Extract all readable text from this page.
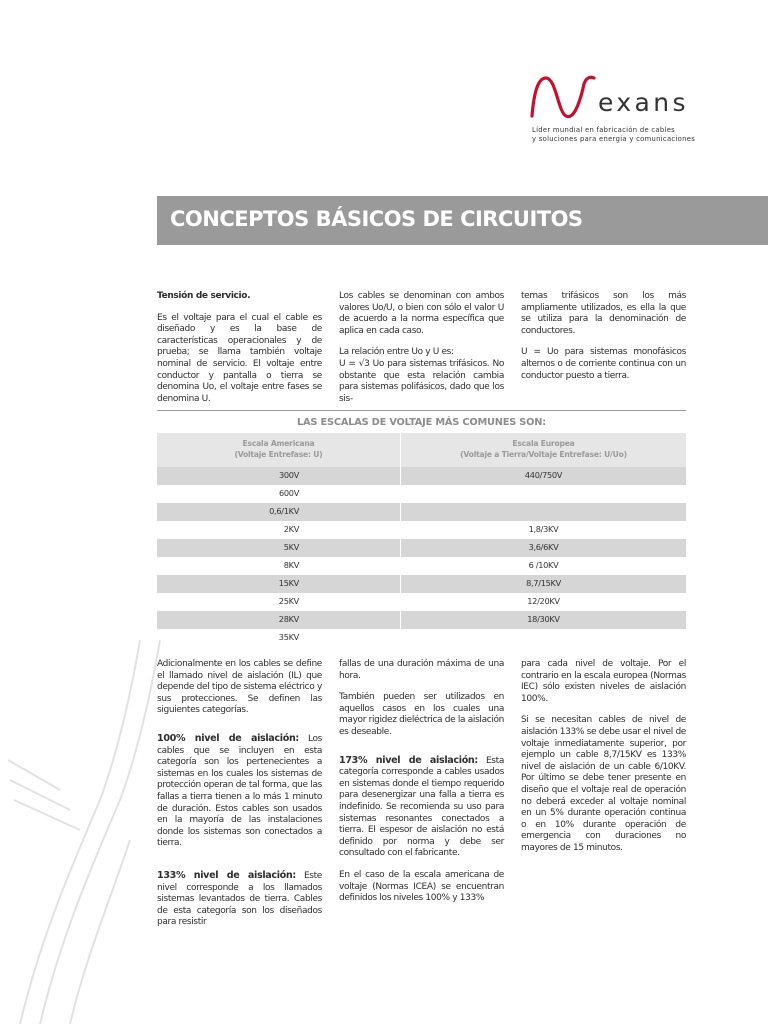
exans
Líder mundial en fabricación de cables
y soluciones para energía y comunicaciones
CONCEPTOS BÁSICOS DE CIRCUITOS

Tensión de servicio.

Es el voltaje para el cual el cable es diseñado y es la base de características operacionales y de prueba; se llama también voltaje nominal de servicio. El voltaje entre conductor y pantalla o tierra se denomina Uo, el voltaje entre fases se denomina U.

Los cables se denominan con ambos valores Uo/U, o bien con sólo el valor U de acuerdo a la norma específica que aplica en cada caso.

La relación entre Uo y U es:

U = √3 Uo para sistemas trifásicos. No obstante que esta relación cambia para sistemas polifásicos, dado que los sis-

temas trifásicos son los más ampliamente utilizados, es ella la que se utiliza para la denominación de conductores.

U = Uo para sistemas monofásicos alternos o de corriente continua con un conductor puesto a tierra.

LAS ESCALAS DE VOLTAJE MÁS COMUNES SON:
Escala Americana
(Voltaje Entrefase: U)
Escala Europea
(Voltaje a Tierra/Voltaje Entrefase: U/Uo)
300V	440/750V
600V
0,6/1KV
2KV	1,8/3KV
5KV	3,6/6KV
8KV	6 /10KV
15KV	8,7/15KV
25KV	12/20KV
28KV	18/30KV
35KV

Adicionalmente en los cables se define el llamado nivel de aislación (IL) que depende del tipo de sistema eléctrico y sus protecciones. Se definen las siguientes categorías.

100% nivel de aislación: Los cables que se incluyen en esta categoría son los pertenecientes a sistemas en los cuales los sistemas de protección operan de tal forma, que las fallas a tierra tienen a lo más 1 minuto de duración. Estos cables son usados en la mayoría de las instalaciones donde los sistemas son conectados a tierra.

133% nivel de aislación: Este nivel corresponde a los llamados sistemas levantados de tierra. Cables de esta categoría son los diseñados para resistir

fallas de una duración máxima de una hora.

También pueden ser utilizados en aquellos casos en los cuales una mayor rigidez dieléctrica de la aislación es deseable.

173% nivel de aislación: Esta categoría corresponde a cables usados en sistemas donde el tiempo requerido para desenergizar una falla a tierra es indefinido. Se recomienda su uso para sistemas resonantes conectados a tierra. El espesor de aislación no está definido por norma y debe ser consultado con el fabricante.

En el caso de la escala americana de voltaje (Normas ICEA) se encuentran definidos los niveles 100% y 133%

para cada nivel de voltaje. Por el contrario en la escala europea (Normas IEC) sólo existen niveles de aislación 100%.

Si se necesitan cables de nivel de aislación 133% se debe usar el nivel de voltaje inmediatamente superior, por ejemplo un cable 8,7/15KV es 133% nivel de aislación de un cable 6/10KV. Por último se debe tener presente en diseño que el voltaje real de operación no deberá exceder al voltaje nominal en un 5% durante operación continua o en 10% durante operación de emergencia con duraciones no mayores de 15 minutos.
